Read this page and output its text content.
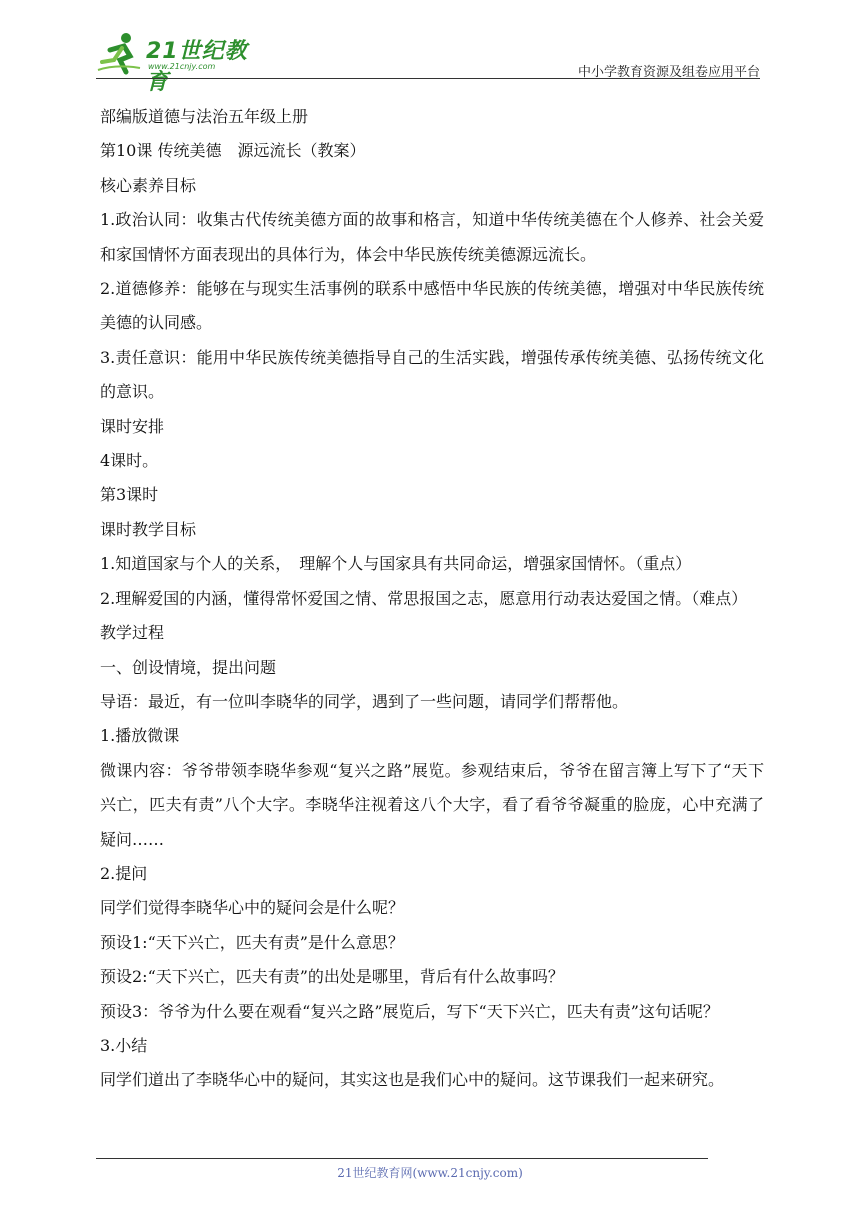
21世纪教育
www.21cnjy.com	中小学教育资源及组卷应用平台

部编版道德与法治五年级上册

第10课 传统美德　源远流长（教案）

核心素养目标

1.政治认同：收集古代传统美德方面的故事和格言，知道中华传统美德在个人修养、社会关爱和家国情怀方面表现出的具体行为，体会中华民族传统美德源远流长。

2.道德修养：能够在与现实生活事例的联系中感悟中华民族的传统美德，增强对中华民族传统美德的认同感。

3.责任意识：能用中华民族传统美德指导自己的生活实践，增强传承传统美德、弘扬传统文化的意识。

课时安排

4课时。

第3课时

课时教学目标

1.知道国家与个人的关系，　理解个人与国家具有共同命运，增强家国情怀。（重点）

2.理解爱国的内涵，懂得常怀爱国之情、常思报国之志，愿意用行动表达爱国之情。（难点）

教学过程

一、创设情境，提出问题

导语：最近，有一位叫李晓华的同学，遇到了一些问题，请同学们帮帮他。

1.播放微课

微课内容：爷爷带领李晓华参观“复兴之路”展览。参观结束后，爷爷在留言簿上写下了“天下兴亡，匹夫有责”八个大字。李晓华注视着这八个大字，看了看爷爷凝重的脸庞，心中充满了疑问……

2.提问

同学们觉得李晓华心中的疑问会是什么呢？

预设1:“天下兴亡，匹夫有责”是什么意思？

预设2:“天下兴亡，匹夫有责”的出处是哪里，背后有什么故事吗？

预设3：爷爷为什么要在观看“复兴之路”展览后，写下“天下兴亡，匹夫有责”这句话呢？

3.小结

同学们道出了李晓华心中的疑问，其实这也是我们心中的疑问。这节课我们一起来研究。

21世纪教育网(www.21cnjy.com)
